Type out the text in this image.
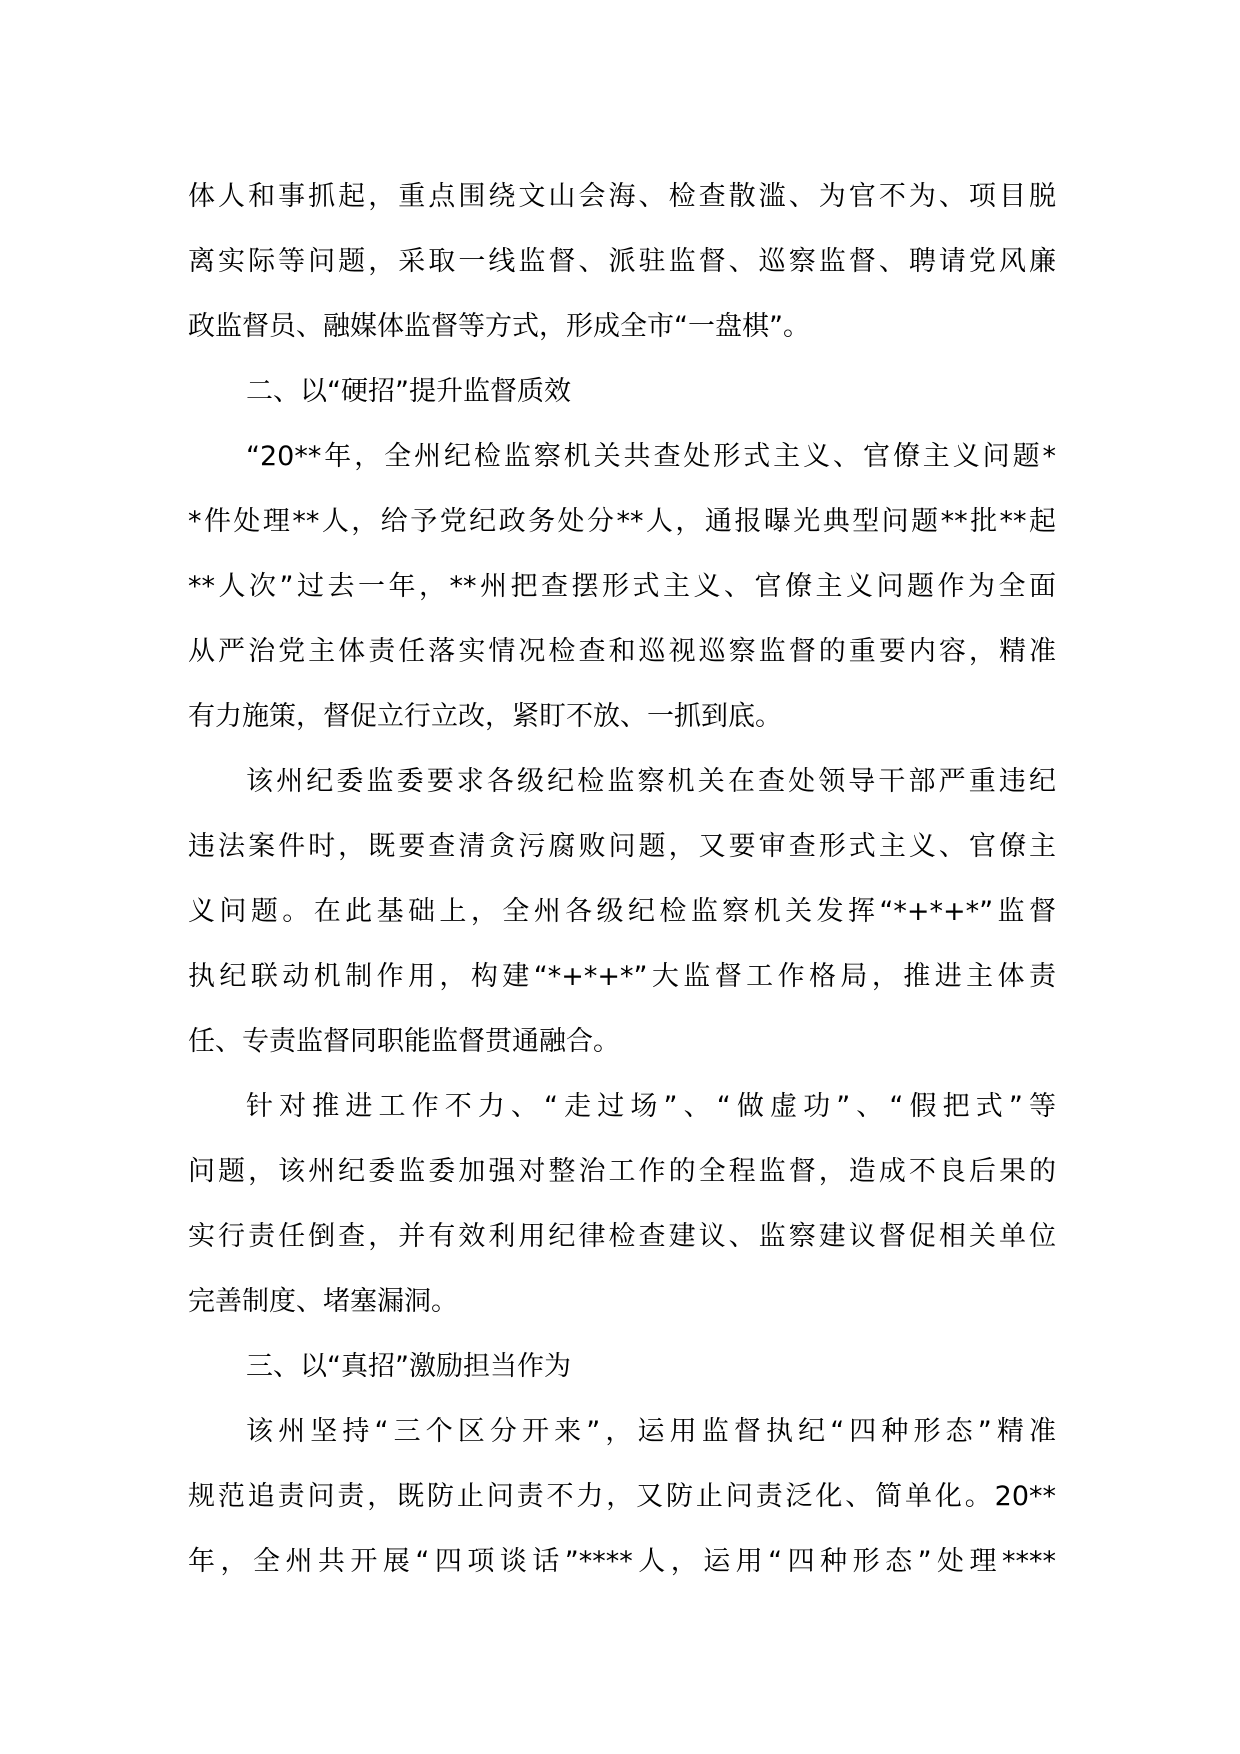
体人和事抓起，重点围绕文山会海、检查散滥、为官不为、项目脱
离实际等问题，采取一线监督、派驻监督、巡察监督、聘请党风廉
政监督员、融媒体监督等方式，形成全市“一盘棋”。
二、以“硬招”提升监督质效
“20**年，全州纪检监察机关共查处形式主义、官僚主义问题*
*件处理**人，给予党纪政务处分**人，通报曝光典型问题**批**起
**人次”过去一年，**州把查摆形式主义、官僚主义问题作为全面
从严治党主体责任落实情况检查和巡视巡察监督的重要内容，精准
有力施策，督促立行立改，紧盯不放、一抓到底。
该州纪委监委要求各级纪检监察机关在查处领导干部严重违纪
违法案件时，既要查清贪污腐败问题，又要审查形式主义、官僚主
义问题。在此基础上，全州各级纪检监察机关发挥“*+*+*”监督
执纪联动机制作用，构建“*+*+*”大监督工作格局，推进主体责
任、专责监督同职能监督贯通融合。
针对推进工作不力、“走过场”、“做虚功”、“假把式”等
问题，该州纪委监委加强对整治工作的全程监督，造成不良后果的
实行责任倒查，并有效利用纪律检查建议、监察建议督促相关单位
完善制度、堵塞漏洞。
三、以“真招”激励担当作为
该州坚持“三个区分开来”，运用监督执纪“四种形态”精准
规范追责问责，既防止问责不力，又防止问责泛化、简单化。20**
年，全州共开展“四项谈话”****人，运用“四种形态”处理****
